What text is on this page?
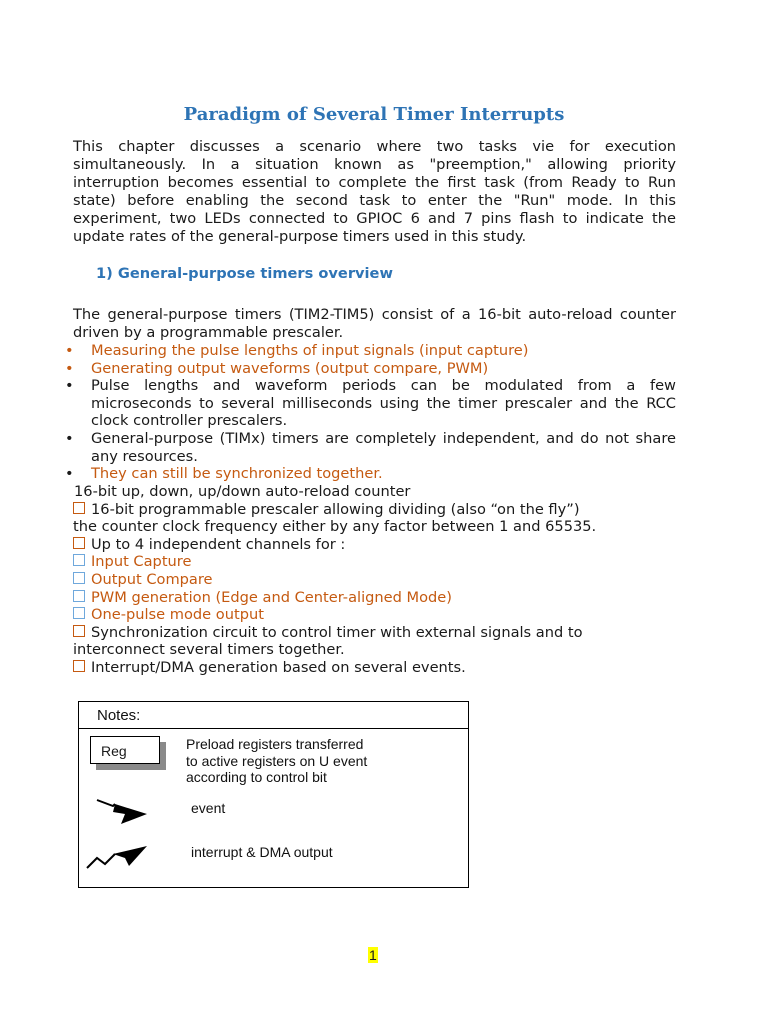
Paradigm of Several Timer Interrupts

This chapter discusses a scenario where two tasks vie for execution simultaneously. In a situation known as "preemption," allowing priority interruption becomes essential to complete the first task (from Ready to Run state) before enabling the second task to enter the "Run" mode. In this experiment, two LEDs connected to GPIOC 6 and 7 pins flash to indicate the update rates of the general-purpose timers used in this study.

1) General-purpose timers overview

The general-purpose timers (TIM2-TIM5) consist of a 16-bit auto-reload counter driven by a programmable prescaler.

• Measuring the pulse lengths of input signals (input capture)
• Generating output waveforms (output compare, PWM)
• Pulse lengths and waveform periods can be modulated from a few microseconds to several milliseconds using the timer prescaler and the RCC clock controller prescalers.
• General-purpose (TIMx) timers are completely independent, and do not share any resources.
• They can still be synchronized together.
16-bit up, down, up/down auto-reload counter
16-bit programmable prescaler allowing dividing (also “on the fly”)
the counter clock frequency either by any factor between 1 and 65535.
Up to 4 independent channels for :
Input Capture
Output Compare
PWM generation (Edge and Center-aligned Mode)
One-pulse mode output
Synchronization circuit to control timer with external signals and to
interconnect several timers together.
Interrupt/DMA generation based on several events.
Notes:
Reg	Preload registers transferred
to active registers on U event
according to control bit
event
interrupt & DMA output
1
